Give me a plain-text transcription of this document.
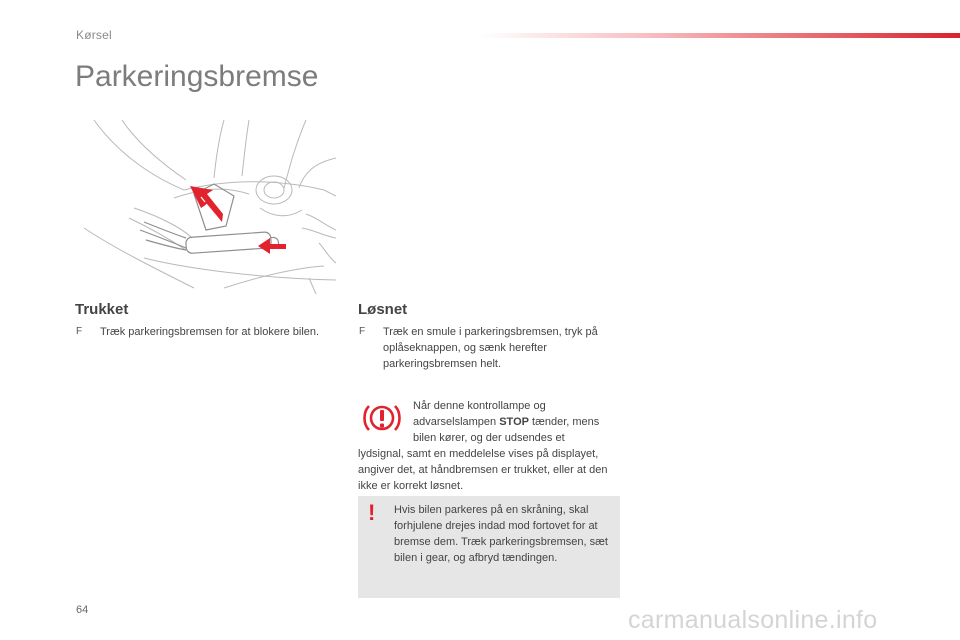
Kørsel
Parkeringsbremse
Trukket
F	Træk parkeringsbremsen for at blokere bilen.
Løsnet
F	Træk en smule i parkeringsbremsen, tryk på oplåseknappen, og sænk herefter parkeringsbremsen helt.
Når denne kontrollampe og advarselslampen STOP tænder, mens bilen kører, og der udsendes et
lydsignal, samt en meddelelse vises på displayet, angiver det, at håndbremsen er trukket, eller at den ikke er korrekt løsnet.
! Hvis bilen parkeres på en skråning, skal forhjulene drejes indad mod fortovet for at bremse dem. Træk parkeringsbremsen, sæt bilen i gear, og afbryd tændingen.
64	carmanualsonline.info
